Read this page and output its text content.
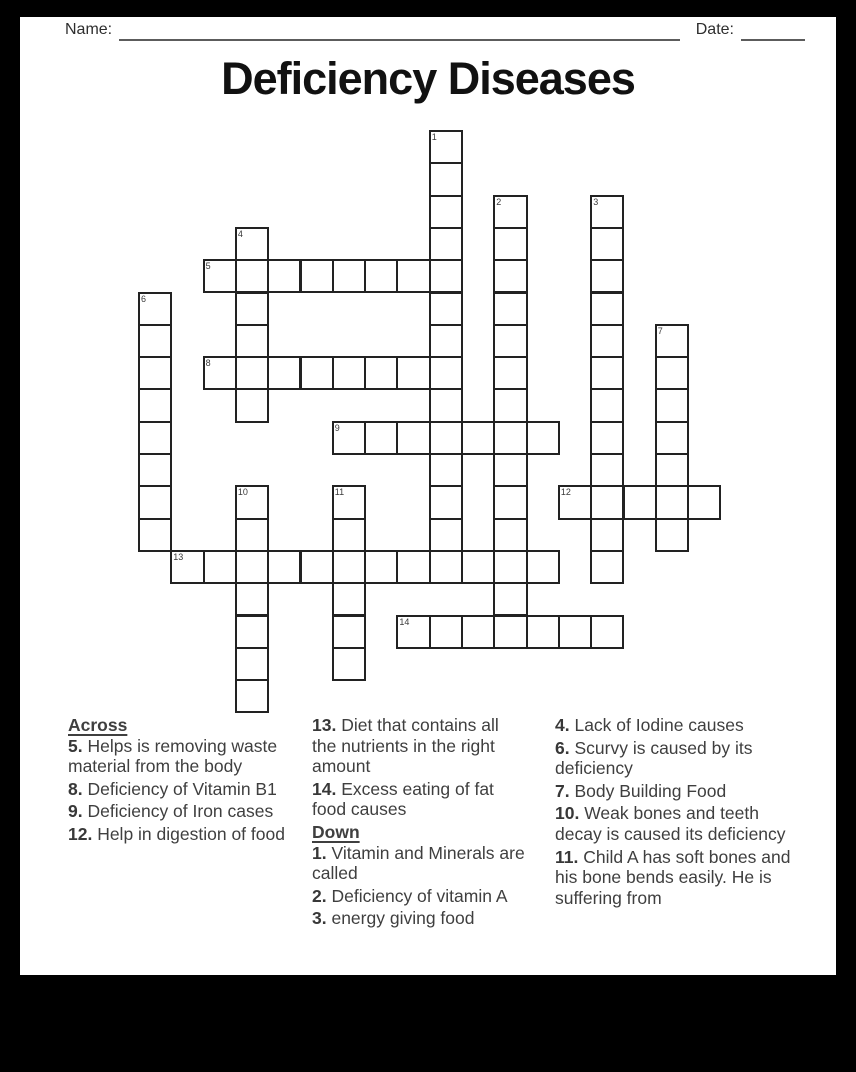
Name:	Date:
Deficiency Diseases
1
2	3
4
5
6
7
8
9
10	11	12
13
14
Across

5. Helps is removing waste material from the body

8. Deficiency of Vitamin B1

9. Deficiency of Iron cases

12. Help in digestion of food

13. Diet that contains all the nutrients in the right amount

14. Excess eating of fat food causes

Down

1. Vitamin and Minerals are called

2. Deficiency of vitamin A

3. energy giving food

4. Lack of Iodine causes

6. Scurvy is caused by its deficiency

7. Body Building Food

10. Weak bones and teeth decay is caused its deficiency

11. Child A has soft bones and his bone bends easily. He is suffering from
